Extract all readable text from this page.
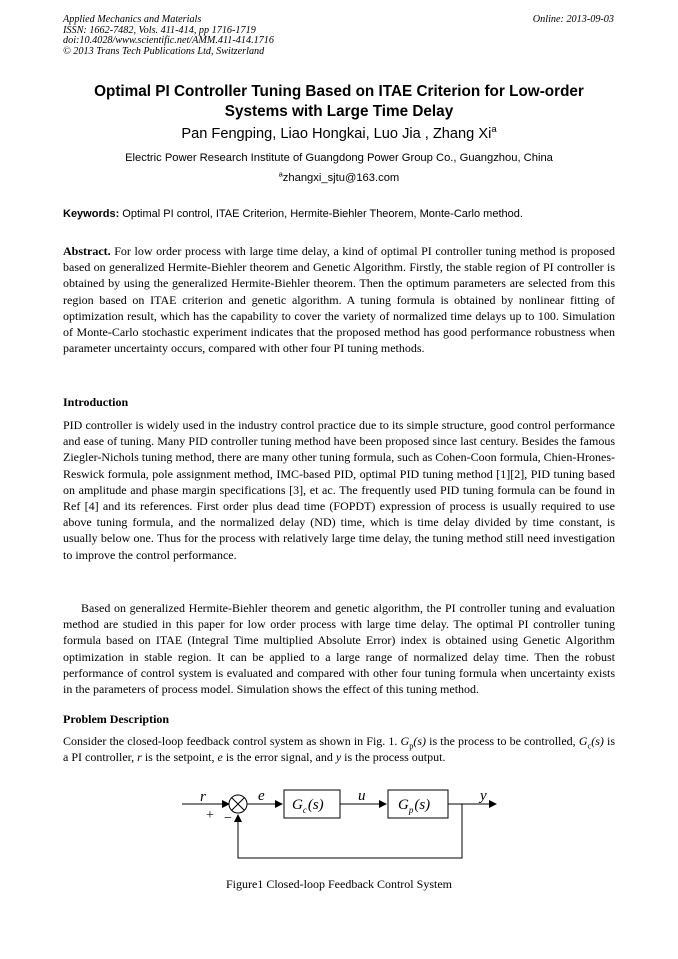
Applied Mechanics and Materials
ISSN: 1662-7482, Vols. 411-414, pp 1716-1719
doi:10.4028/www.scientific.net/AMM.411-414.1716
© 2013 Trans Tech Publications Ltd, Switzerland
Online: 2013-09-03
Optimal PI Controller Tuning Based on ITAE Criterion for Low-order Systems with Large Time Delay
Pan Fengping, Liao Hongkai, Luo Jia , Zhang Xi$^a$
Electric Power Research Institute of Guangdong Power Group Co., Guangzhou, China
$^a$zhangxi_sjtu@163.com
Keywords: Optimal PI control, ITAE Criterion, Hermite-Biehler Theorem, Monte-Carlo method.
Abstract. For low order process with large time delay, a kind of optimal PI controller tuning method is proposed based on generalized Hermite-Biehler theorem and Genetic Algorithm. Firstly, the stable region of PI controller is obtained by using the generalized Hermite-Biehler theorem. Then the optimum parameters are selected from this region based on ITAE criterion and genetic algorithm. A tuning formula is obtained by nonlinear fitting of optimization result, which has the capability to cover the variety of normalized time delays up to 100. Simulation of Monte-Carlo stochastic experiment indicates that the proposed method has good performance robustness when parameter uncertainty occurs, compared with other four PI tuning methods.
Introduction
PID controller is widely used in the industry control practice due to its simple structure, good control performance and ease of tuning. Many PID controller tuning method have been proposed since last century. Besides the famous Ziegler-Nichols tuning method, there are many other tuning formula, such as Cohen-Coon formula, Chien-Hrones-Reswick formula, pole assignment method, IMC-based PID, optimal PID tuning method [1][2], PID tuning based on amplitude and phase margin specifications [3], et ac. The frequently used PID tuning formula can be found in Ref [4] and its references. First order plus dead time (FOPDT) expression of process is usually required to use above tuning formula, and the normalized delay (ND) time, which is time delay divided by time constant, is usually below one. Thus for the process with relatively large time delay, the tuning method still need investigation to improve the control performance.
Based on generalized Hermite-Biehler theorem and genetic algorithm, the PI controller tuning and evaluation method are studied in this paper for low order process with large time delay. The optimal PI controller tuning formula based on ITAE (Integral Time multiplied Absolute Error) index is obtained using Genetic Algorithm optimization in stable region. It can be applied to a large range of normalized delay time. Then the robust performance of control system is evaluated and compared with other four tuning formula when uncertainty exists in the parameters of process model. Simulation shows the effect of this tuning method.
Problem Description
Consider the closed-loop feedback control system as shown in Fig. 1. $G_p(s)$ is the process to be controlled, $G_c(s)$ is a PI controller, r is the setpoint, e is the error signal, and y is the process output.
r
+ −
e	u	y
$G_c(s)$	$G_p(s)$
Figure1 Closed-loop Feedback Control System
